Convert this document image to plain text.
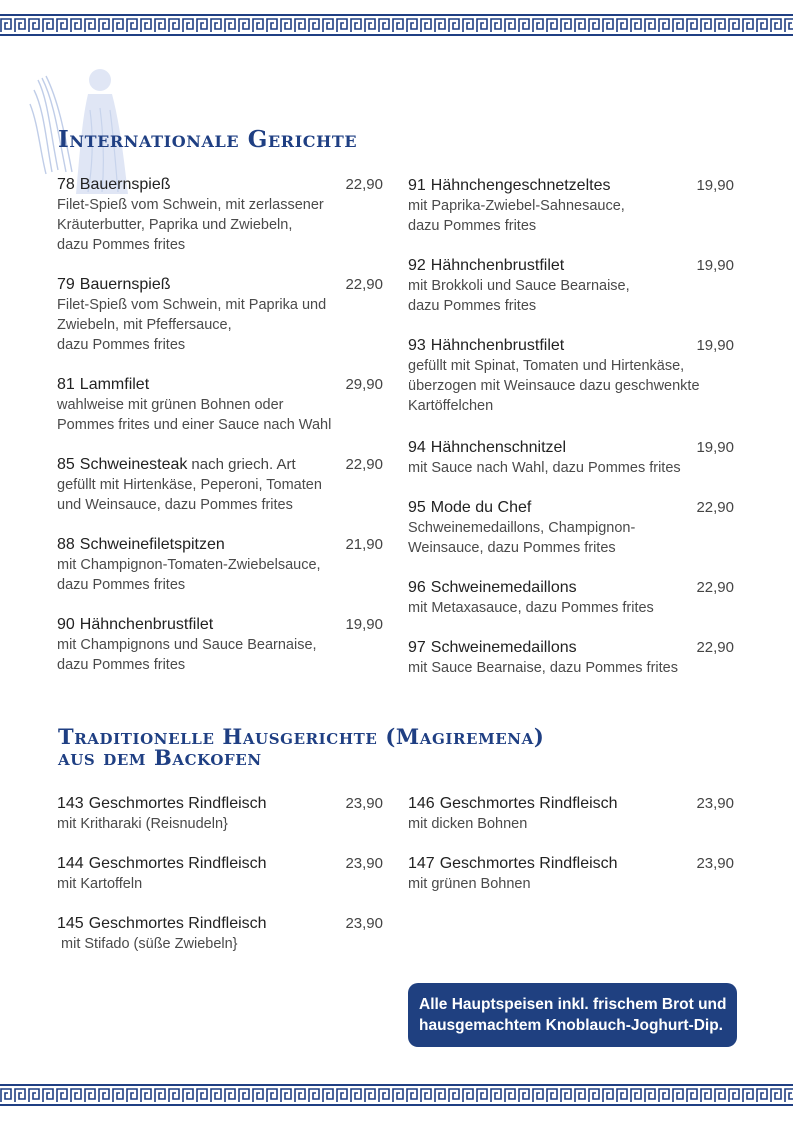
Internationale Gerichte
78 Bauernspieß	22,90
Filet-Spieß vom Schwein, mit zerlassener
Kräuterbutter, Paprika und Zwiebeln,
dazu Pommes frites
79 Bauernspieß	22,90
Filet-Spieß vom Schwein, mit Paprika und
Zwiebeln, mit Pfeffersauce,
dazu Pommes frites
81 Lammfilet	29,90
wahlweise mit grünen Bohnen oder
Pommes frites und einer Sauce nach Wahl
85 Schweinesteak nach griech. Art	22,90
gefüllt mit Hirtenkäse, Peperoni, Tomaten
und Weinsauce, dazu Pommes frites
88 Schweinefiletspitzen	21,90
mit Champignon-Tomaten-Zwiebelsauce,
dazu Pommes frites
90 Hähnchenbrustfilet	19,90
mit Champignons und Sauce Bearnaise,
dazu Pommes frites
91 Hähnchengeschnetzeltes	19,90
mit Paprika-Zwiebel-Sahnesauce,
dazu Pommes frites
92 Hähnchenbrustfilet	19,90
mit Brokkoli und Sauce Bearnaise,
dazu Pommes frites
93 Hähnchenbrustfilet	19,90
gefüllt mit Spinat, Tomaten und Hirtenkäse,
überzogen mit Weinsauce dazu geschwenkte
Kartöffelchen
94 Hähnchenschnitzel	19,90
mit Sauce nach Wahl, dazu Pommes frites
95 Mode du Chef	22,90
Schweinemedaillons, Champignon-
Weinsauce, dazu Pommes frites
96 Schweinemedaillons	22,90
mit Metaxasauce, dazu Pommes frites
97 Schweinemedaillons	22,90
mit Sauce Bearnaise, dazu Pommes frites
Traditionelle Hausgerichte (Magiremena)
aus dem Backofen
143 Geschmortes Rindfleisch	23,90
mit Kritharaki (Reisnudeln}
144 Geschmortes Rindfleisch	23,90
mit Kartoffeln
145 Geschmortes Rindfleisch	23,90
mit Stifado (süße Zwiebeln}
146 Geschmortes Rindfleisch	23,90
mit dicken Bohnen
147 Geschmortes Rindfleisch	23,90
mit grünen Bohnen
Alle Hauptspeisen inkl. frischem Brot und
hausgemachtem Knoblauch-Joghurt-Dip.
